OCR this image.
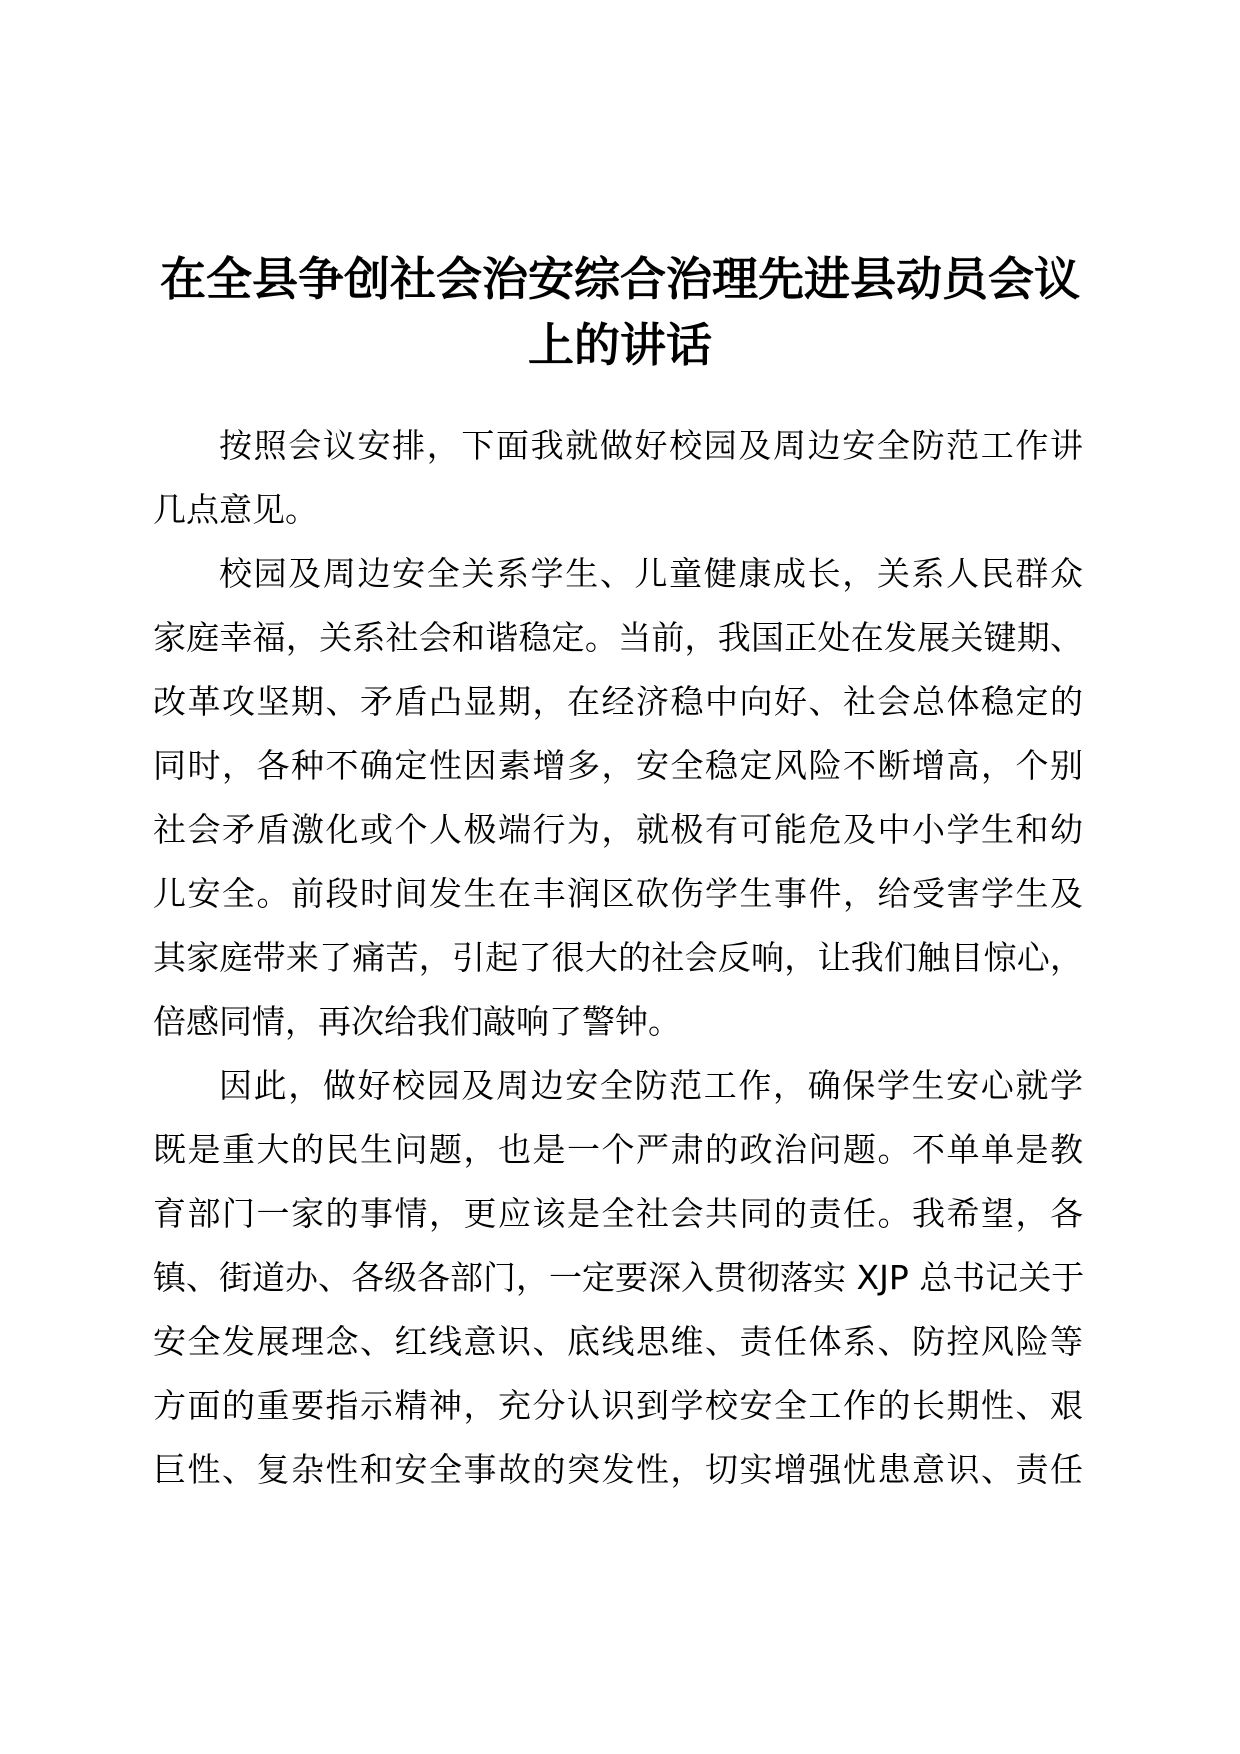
在全县争创社会治安综合治理先进县动员会议
上的讲话
按照会议安排，下面我就做好校园及周边安全防范工作讲
几点意见。
校园及周边安全关系学生、儿童健康成长，关系人民群众
家庭幸福，关系社会和谐稳定。当前，我国正处在发展关键期、
改革攻坚期、矛盾凸显期，在经济稳中向好、社会总体稳定的
同时，各种不确定性因素增多，安全稳定风险不断增高，个别
社会矛盾激化或个人极端行为，就极有可能危及中小学生和幼
儿安全。前段时间发生在丰润区砍伤学生事件，给受害学生及
其家庭带来了痛苦，引起了很大的社会反响，让我们触目惊心，
倍感同情，再次给我们敲响了警钟。
因此，做好校园及周边安全防范工作，确保学生安心就学
既是重大的民生问题，也是一个严肃的政治问题。不单单是教
育部门一家的事情，更应该是全社会共同的责任。我希望，各
镇、街道办、各级各部门，一定要深入贯彻落实 XJP 总书记关于
安全发展理念、红线意识、底线思维、责任体系、防控风险等
方面的重要指示精神，充分认识到学校安全工作的长期性、艰
巨性、复杂性和安全事故的突发性，切实增强忧患意识、责任
